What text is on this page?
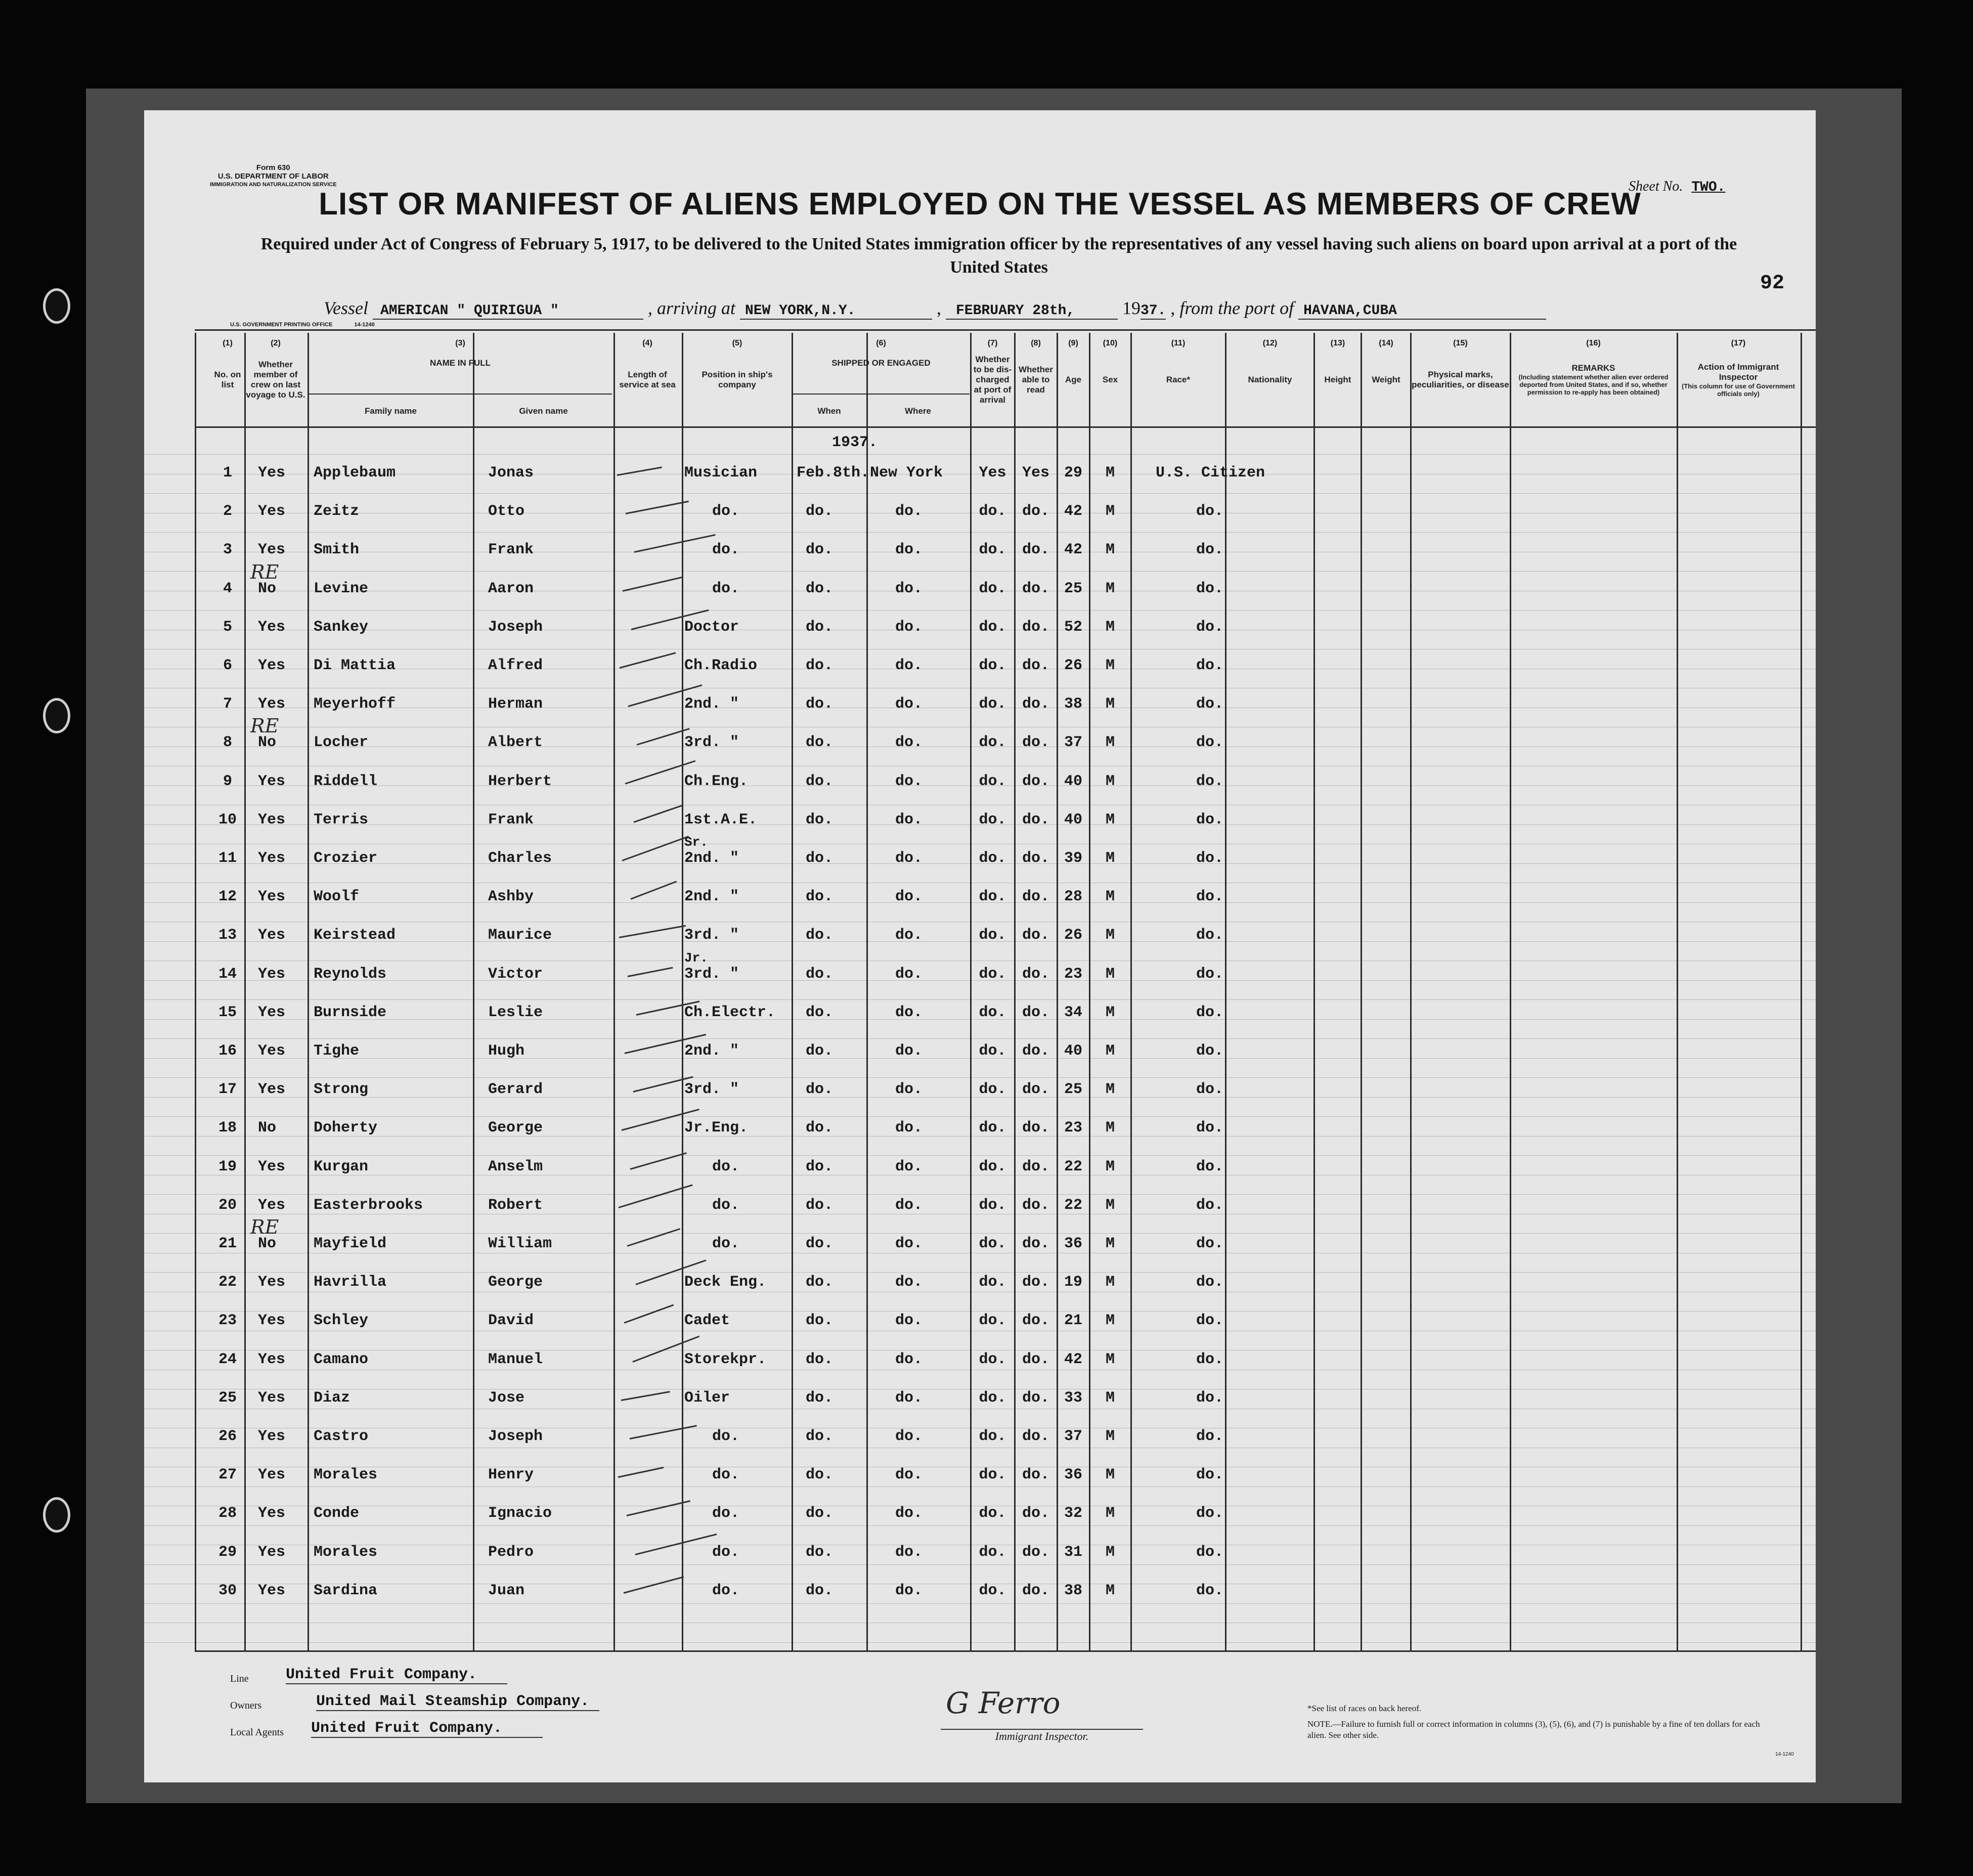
Form 630
U.S. DEPARTMENT OF LABOR
IMMIGRATION AND NATURALIZATION SERVICE	Sheet No. TWO.
LIST OR MANIFEST OF ALIENS EMPLOYED ON THE VESSEL AS MEMBERS OF CREW
Required under Act of Congress of February 5, 1917, to be delivered to the United States immigration officer by the representatives of any vessel having such aliens on board upon arrival at a port of the United States
92
Vessel AMERICAN " QUIRIGUA "	, arriving at NEW YORK,N.Y.	, FEBRUARY 28th,	1937. , from the port of HAVANA,CUBA
U.S. GOVERNMENT PRINTING OFFICE	14-1240
(1)	(2)	(3)	(4)	(5)	(6)	(7)	(8)	(9)	(10)	(11)	(12)	(13)	(14)	(15)	(16)	(17)
No. on list
Whether member of crew on last voyage to U.S.
NAME IN FULL
Family name	Given name
Length of service at sea
Position in ship's company
SHIPPED OR ENGAGED
When	Where
Whether to be dis-charged at port of arrival
Whether able to read
Age	Sex	Race*	Nationality	Height	Weight
Physical marks, peculiarities, or disease
REMARKS
(Including statement whether alien ever ordered deported from United States, and if so, whether permission to re-apply has been obtained)
Action of Immigrant Inspector
(This column for use of Government officials only)
1937.
1	Yes Applebaum	Jonas	Musician	Feb.8th. New York	Yes	Yes 29	M	U.S. Citizen
2	Yes Zeitz	Otto	do.	do.	do.	do.	do. 42	M	do.
3	Yes Smith	Frank	do.	do.	do.	do.	do. 42	M	do.
4	No Levine	Aaron	do.	do.	do.	do.	do. 25	M	do.
RE
5	Yes Sankey	Joseph	Doctor	do.	do.	do.	do. 52	M	do.
6	Yes Di Mattia	Alfred	Ch.Radio	do.	do.	do.	do. 26	M	do.
7	Yes Meyerhoff	Herman	2nd. "	do.	do.	do.	do. 38	M	do.
8	No Locher	Albert	3rd. "	do.	do.	do.	do. 37	M	do.
RE
9	Yes Riddell	Herbert	Ch.Eng.	do.	do.	do.	do. 40	M	do.
10	Yes Terris	Frank	1st.A.E.	do.	do.	do.	do. 40	M	do.
11	Yes Crozier	Charles	2nd. "	do.	do.	do.	do. 39	M	do.
Sr.
12	Yes Woolf	Ashby	2nd. "	do.	do.	do.	do. 28	M	do.
13	Yes Keirstead	Maurice	3rd. "	do.	do.	do.	do. 26	M	do.
14	Yes Reynolds	Victor	3rd. "	do.	do.	do.	do. 23	M	do.
Jr.
15	Yes Burnside	Leslie	Ch.Electr. do.	do.	do.	do. 34	M	do.
16	Yes Tighe	Hugh	2nd. "	do.	do.	do.	do. 40	M	do.
17	Yes Strong	Gerard	3rd. "	do.	do.	do.	do. 25	M	do.
18	No Doherty	George	Jr.Eng.	do.	do.	do.	do. 23	M	do.
19	Yes Kurgan	Anselm	do.	do.	do.	do.	do. 22	M	do.
20	Yes Easterbrooks	Robert	do.	do.	do.	do.	do. 22	M	do.
21	No Mayfield	William	do.	do.	do.	do.	do. 36	M	do.
RE
22	Yes Havrilla	George	Deck Eng.	do.	do.	do.	do. 19	M	do.
23	Yes Schley	David	Cadet	do.	do.	do.	do. 21	M	do.
24	Yes Camano	Manuel	Storekpr.	do.	do.	do.	do. 42	M	do.
25	Yes Diaz	Jose	Oiler	do.	do.	do.	do. 33	M	do.
26	Yes Castro	Joseph	do.	do.	do.	do.	do. 37	M	do.
27	Yes Morales	Henry	do.	do.	do.	do.	do. 36	M	do.
28	Yes Conde	Ignacio	do.	do.	do.	do.	do. 32	M	do.
29	Yes Morales	Pedro	do.	do.	do.	do.	do. 31	M	do.
30	Yes Sardina	Juan	do.	do.	do.	do.	do. 38	M	do.
Line United Fruit Company.
Owners	United Mail Steamship Company.
Local Agents United Fruit Company.
G Ferro
Immigrant Inspector.
*See list of races on back hereof.
NOTE.—Failure to furnish full or correct information in columns (3), (5), (6), and (7) is punishable by a fine of ten dollars for each alien. See other side.
14-1240
